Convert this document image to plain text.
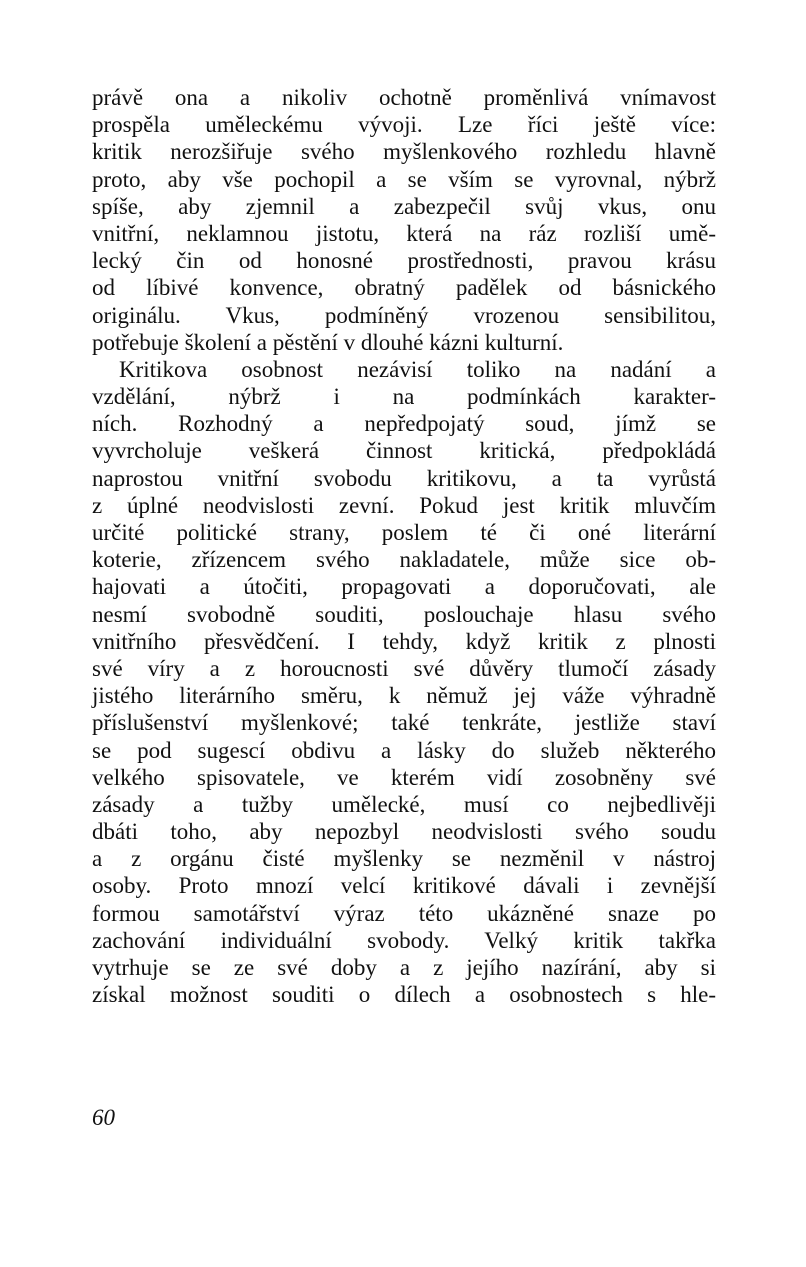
právě ona a nikoliv ochotně proměnlivá vnímavost
prospěla uměleckému vývoji. Lze říci ještě více:
kritik nerozšiřuje svého myšlenkového rozhledu hlavně
proto, aby vše pochopil a se vším se vyrovnal, nýbrž
spíše, aby zjemnil a zabezpečil svůj vkus, onu
vnitřní, neklamnou jistotu, která na ráz rozliší umě-
lecký čin od honosné prostřednosti, pravou krásu
od líbivé konvence, obratný padělek od básnického
originálu. Vkus, podmíněný vrozenou sensibilitou,
potřebuje školení a pěstění v dlouhé kázni kulturní.
Kritikova osobnost nezávisí toliko na nadání a
vzdělání, nýbrž i na podmínkách karakter-
ních. Rozhodný a nepředpojatý soud, jímž se
vyvrcholuje veškerá činnost kritická, předpokládá
naprostou vnitřní svobodu kritikovu, a ta vyrůstá
z úplné neodvislosti zevní. Pokud jest kritik mluvčím
určité politické strany, poslem té či oné literární
koterie, zřízencem svého nakladatele, může sice ob-
hajovati a útočiti, propagovati a doporučovati, ale
nesmí svobodně souditi, poslouchaje hlasu svého
vnitřního přesvědčení. I tehdy, když kritik z plnosti
své víry a z horoucnosti své důvěry tlumočí zásady
jistého literárního směru, k němuž jej váže výhradně
příslušenství myšlenkové; také tenkráte, jestliže staví
se pod sugescí obdivu a lásky do služeb některého
velkého spisovatele, ve kterém vidí zosobněny své
zásady a tužby umělecké, musí co nejbedlivěji
dbáti toho, aby nepozbyl neodvislosti svého soudu
a z orgánu čisté myšlenky se nezměnil v nástroj
osoby. Proto mnozí velcí kritikové dávali i zevnější
formou samotářství výraz této ukázněné snaze po
zachování individuální svobody. Velký kritik takřka
vytrhuje se ze své doby a z jejího nazírání, aby si
získal možnost souditi o dílech a osobnostech s hle-
60
